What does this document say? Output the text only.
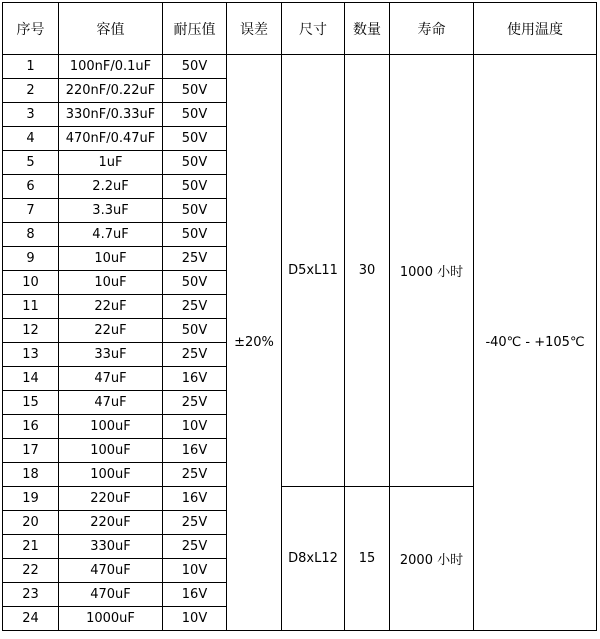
序号	容值	耐压值	误差	尺寸	数量	寿命	使用温度
1	100nF/0.1uF	50V	±20%	D5xL11	30	1000 小时	-40℃ - +105℃
2	220nF/0.22uF	50V					
3	330nF/0.33uF	50V					
4	470nF/0.47uF	50V					
5	1uF	50V					
6	2.2uF	50V					
7	3.3uF	50V					
8	4.7uF	50V					
9	10uF	25V					
10	10uF	50V					
11	22uF	25V					
12	22uF	50V					
13	33uF	25V					
14	47uF	16V					
15	47uF	25V					
16	100uF	10V					
17	100uF	16V					
18	100uF	25V					
19	220uF	16V		D8xL12	15	2000 小时	
20	220uF	25V					
21	330uF	25V					
22	470uF	10V					
23	470uF	16V					
24	1000uF	10V					
